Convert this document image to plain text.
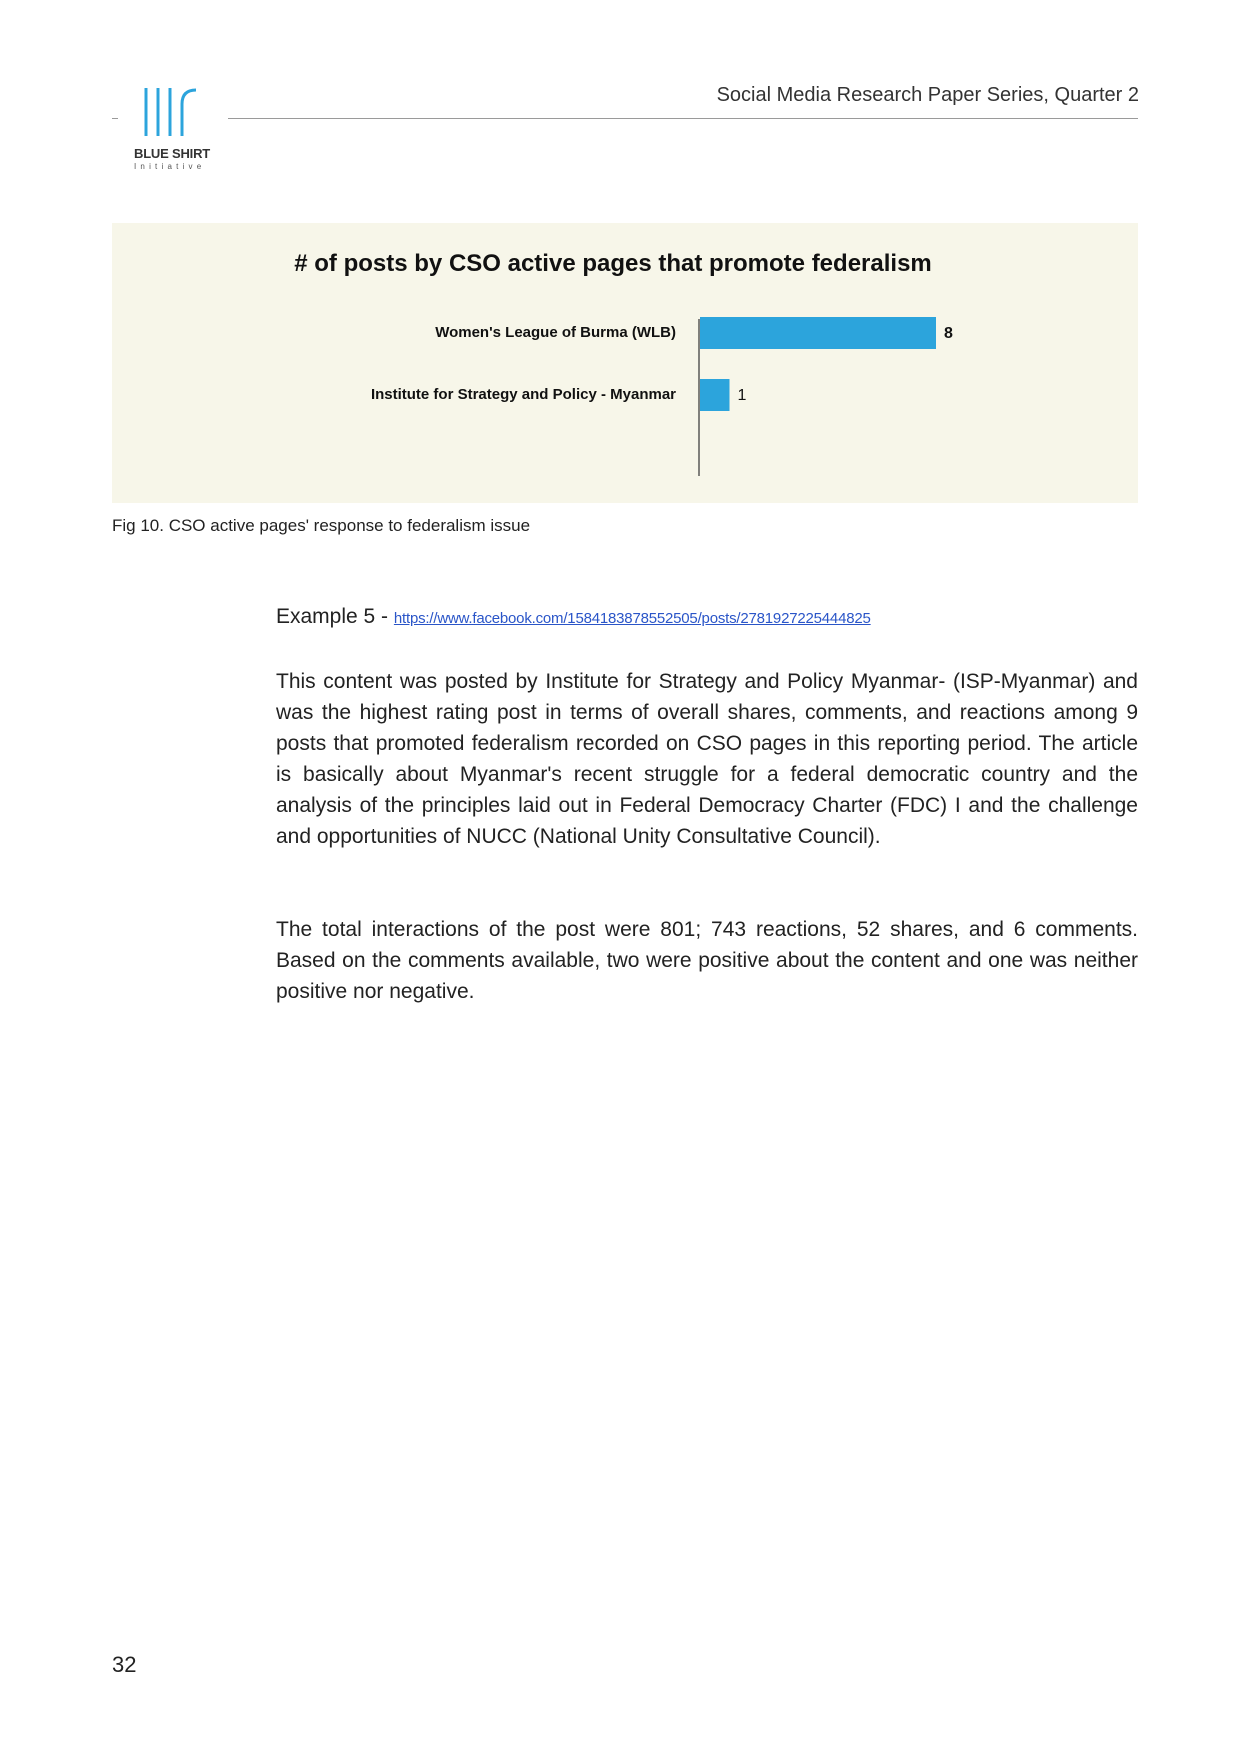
BLUE SHIRT
Initiative
Social Media Research Paper Series, Quarter 2
# of posts by CSO active pages that promote federalism
Women's League of Burma (WLB)	8
Institute for Strategy and Policy - Myanmar	1
Fig 10. CSO active pages' response to federalism issue
Example 5 - https://www.facebook.com/1584183878552505/posts/2781927225444825

This content was posted by Institute for Strategy and Policy Myanmar- (ISP-Myanmar) and was the highest rating post in terms of overall shares, comments, and reactions among 9 posts that promoted federalism recorded on CSO pages in this reporting period. The article is basically about Myanmar's recent struggle for a federal democratic country and the analysis of the principles laid out in Federal Democracy Charter (FDC) I and the challenge and opportunities of NUCC (National Unity Consultative Council).

The total interactions of the post were 801; 743 reactions, 52 shares, and 6 comments. Based on the comments available, two were positive about the content and one was neither positive nor negative.

32
